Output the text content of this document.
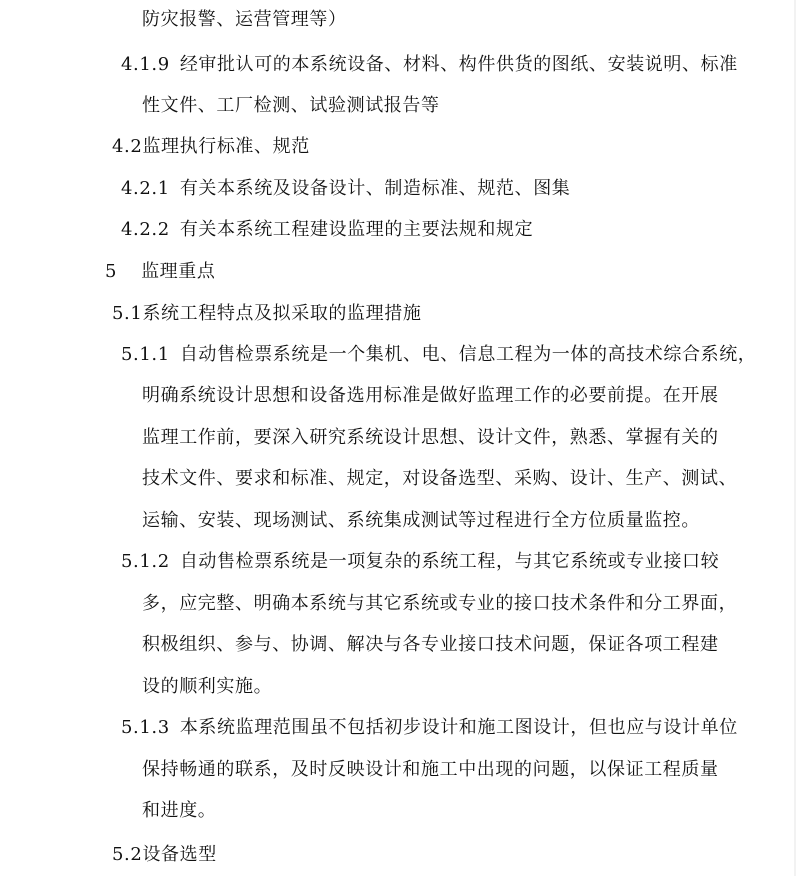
防灾报警、运营管理等）
4.1.9 经审批认可的本系统设备、材料、构件供货的图纸、安装说明、标准
性文件、工厂检测、试验测试报告等
4.2监理执行标准、规范
4.2.1 有关本系统及设备设计、制造标准、规范、图集
4.2.2 有关本系统工程建设监理的主要法规和规定
5 监理重点
5.1系统工程特点及拟采取的监理措施
5.1.1 自动售检票系统是一个集机、电、信息工程为一体的高技术综合系统，
明确系统设计思想和设备选用标准是做好监理工作的必要前提。在开展
监理工作前，要深入研究系统设计思想、设计文件，熟悉、掌握有关的
技术文件、要求和标准、规定，对设备选型、采购、设计、生产、测试、
运输、安装、现场测试、系统集成测试等过程进行全方位质量监控。
5.1.2 自动售检票系统是一项复杂的系统工程，与其它系统或专业接口较
多，应完整、明确本系统与其它系统或专业的接口技术条件和分工界面，
积极组织、参与、协调、解决与各专业接口技术问题，保证各项工程建
设的顺利实施。
5.1.3 本系统监理范围虽不包括初步设计和施工图设计，但也应与设计单位
保持畅通的联系，及时反映设计和施工中出现的问题，以保证工程质量
和进度。
5.2设备选型
